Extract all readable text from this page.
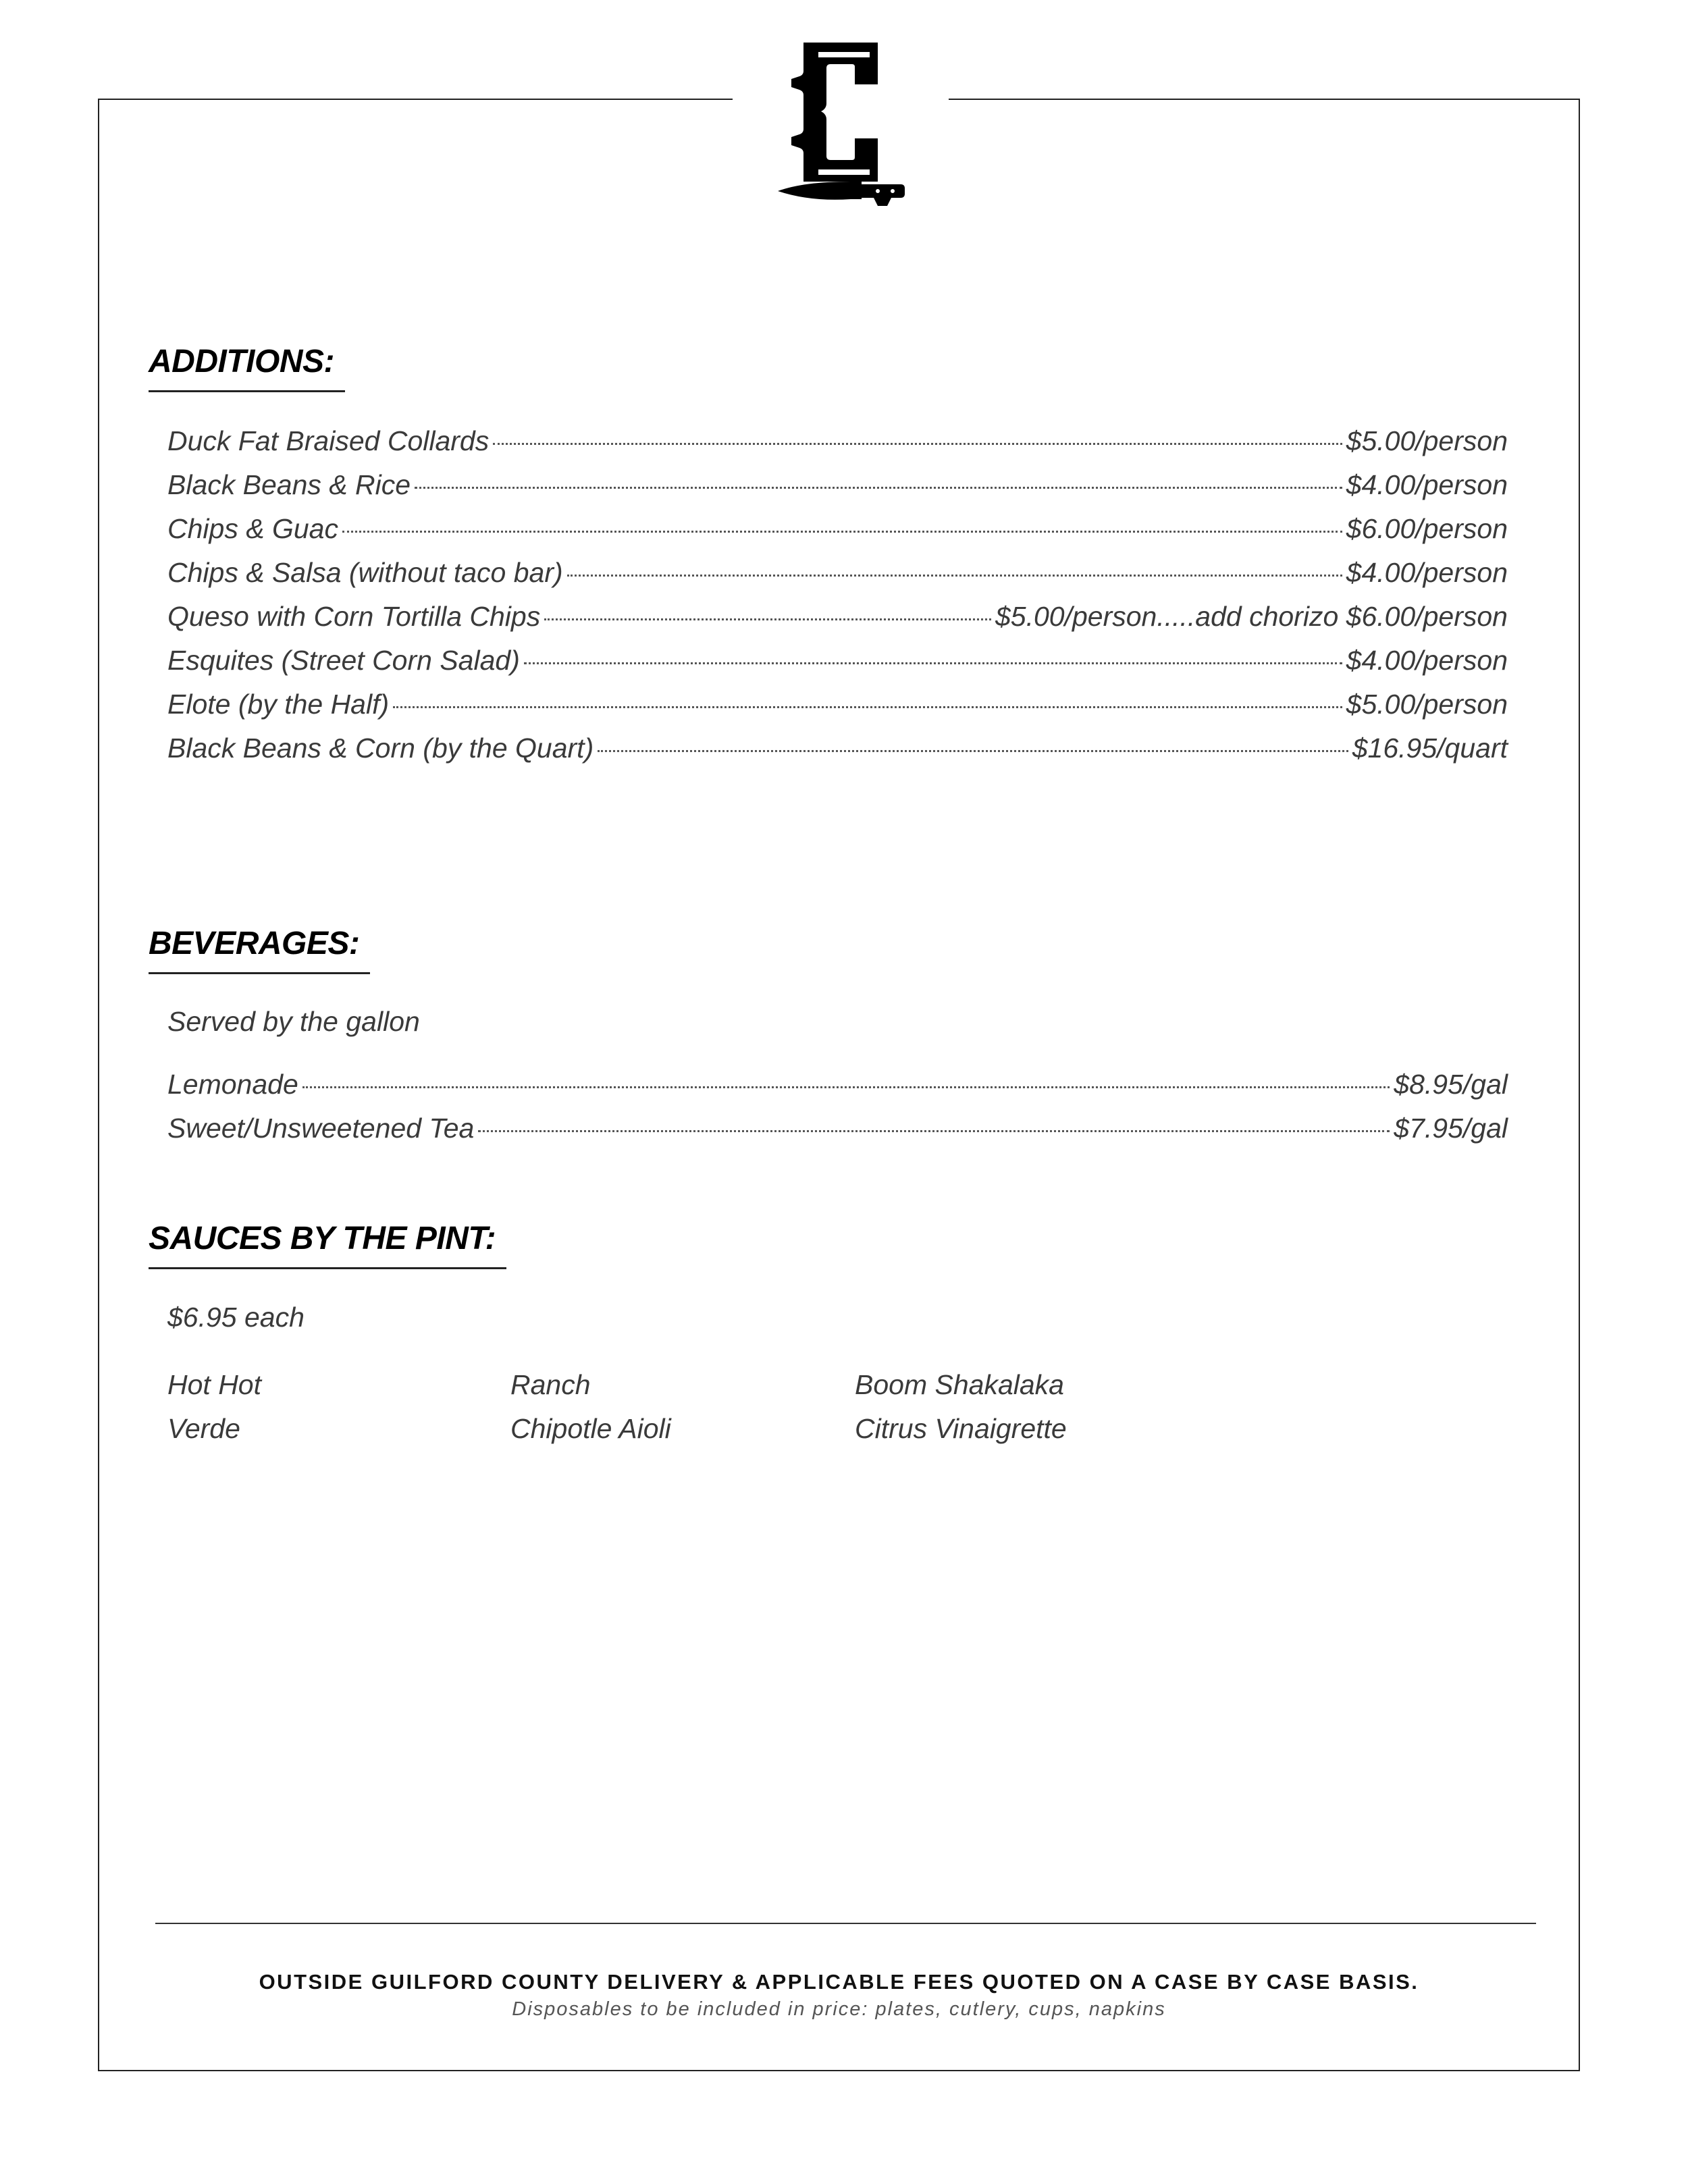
ADDITIONS:
Duck Fat Braised Collards	$5.00/person
Black Beans & Rice	$4.00/person
Chips & Guac	$6.00/person
Chips & Salsa (without taco bar)	$4.00/person
Queso with Corn Tortilla Chips	$5.00/person.....add chorizo $6.00/person
Esquites (Street Corn Salad)	$4.00/person
Elote (by the Half)	$5.00/person
Black Beans & Corn (by the Quart)	$16.95/quart
BEVERAGES:

Served by the gallon

Lemonade	$8.95/gal
Sweet/Unsweetened Tea	$7.95/gal
SAUCES BY THE PINT:

$6.95 each

Hot Hot	Ranch	Boom Shakalaka
Verde	Chipotle Aioli	Citrus Vinaigrette

OUTSIDE GUILFORD COUNTY DELIVERY & APPLICABLE FEES QUOTED ON A CASE BY CASE BASIS.

Disposables to be included in price: plates, cutlery, cups, napkins
